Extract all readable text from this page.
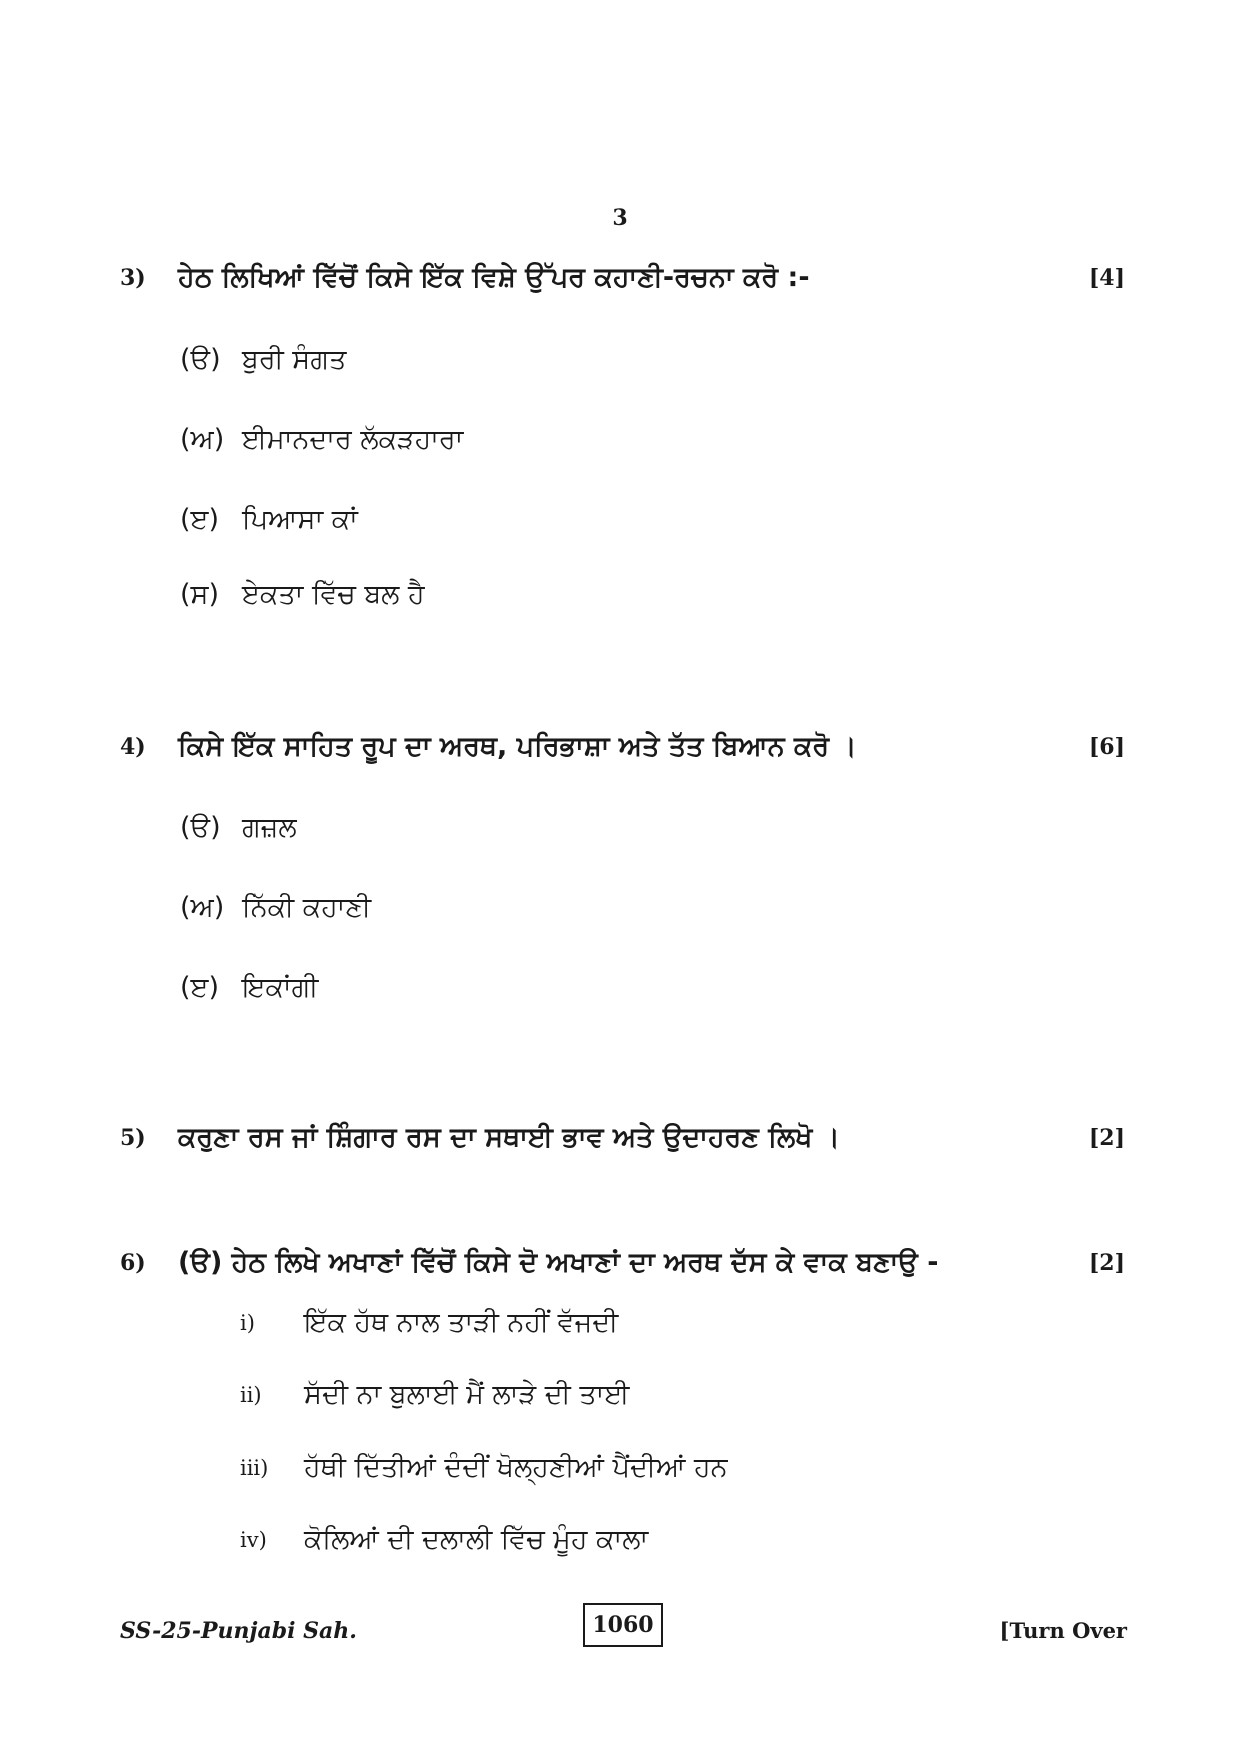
3
3)	ਹੇਠ ਲਿਖਿਆਂ ਵਿੱਚੋਂ ਕਿਸੇ ਇੱਕ ਵਿਸ਼ੇ ਉੱਪਰ ਕਹਾਣੀ-ਰਚਨਾ ਕਰੋ :-	[4]
(ੳ) ਬੁਰੀ ਸੰਗਤ
(ਅ) ਈਮਾਨਦਾਰ ਲੱਕੜਹਾਰਾ
(ੲ) ਪਿਆਸਾ ਕਾਂ
(ਸ) ਏਕਤਾ ਵਿੱਚ ਬਲ ਹੈ
4)	ਕਿਸੇ ਇੱਕ ਸਾਹਿਤ ਰੂਪ ਦਾ ਅਰਥ, ਪਰਿਭਾਸ਼ਾ ਅਤੇ ਤੱਤ ਬਿਆਨ ਕਰੋ ।	[6]
(ੳ) ਗਜ਼ਲ
(ਅ) ਨਿੱਕੀ ਕਹਾਣੀ
(ੲ) ਇਕਾਂਗੀ
5)	ਕਰੁਣਾ ਰਸ ਜਾਂ ਸ਼ਿੰਗਾਰ ਰਸ ਦਾ ਸਥਾਈ ਭਾਵ ਅਤੇ ਉਦਾਹਰਣ ਲਿਖੋ ।	[2]
6)	(ੳ) ਹੇਠ ਲਿਖੇ ਅਖਾਣਾਂ ਵਿੱਚੋਂ ਕਿਸੇ ਦੋ ਅਖਾਣਾਂ ਦਾ ਅਰਥ ਦੱਸ ਕੇ ਵਾਕ ਬਣਾਉ -	[2]
i)	ਇੱਕ ਹੱਥ ਨਾਲ ਤਾੜੀ ਨਹੀਂ ਵੱਜਦੀ
ii)	ਸੱਦੀ ਨਾ ਬੁਲਾਈ ਮੈਂ ਲਾੜੇ ਦੀ ਤਾਈ
iii)	ਹੱਥੀ ਦਿੱਤੀਆਂ ਦੰਦੀਂ ਖੋਲ੍ਹਣੀਆਂ ਪੈਂਦੀਆਂ ਹਨ
iv)	ਕੋਲਿਆਂ ਦੀ ਦਲਾਲੀ ਵਿੱਚ ਮੂੰਹ ਕਾਲਾ
SS-25-Punjabi Sah.	1060	[Turn Over
